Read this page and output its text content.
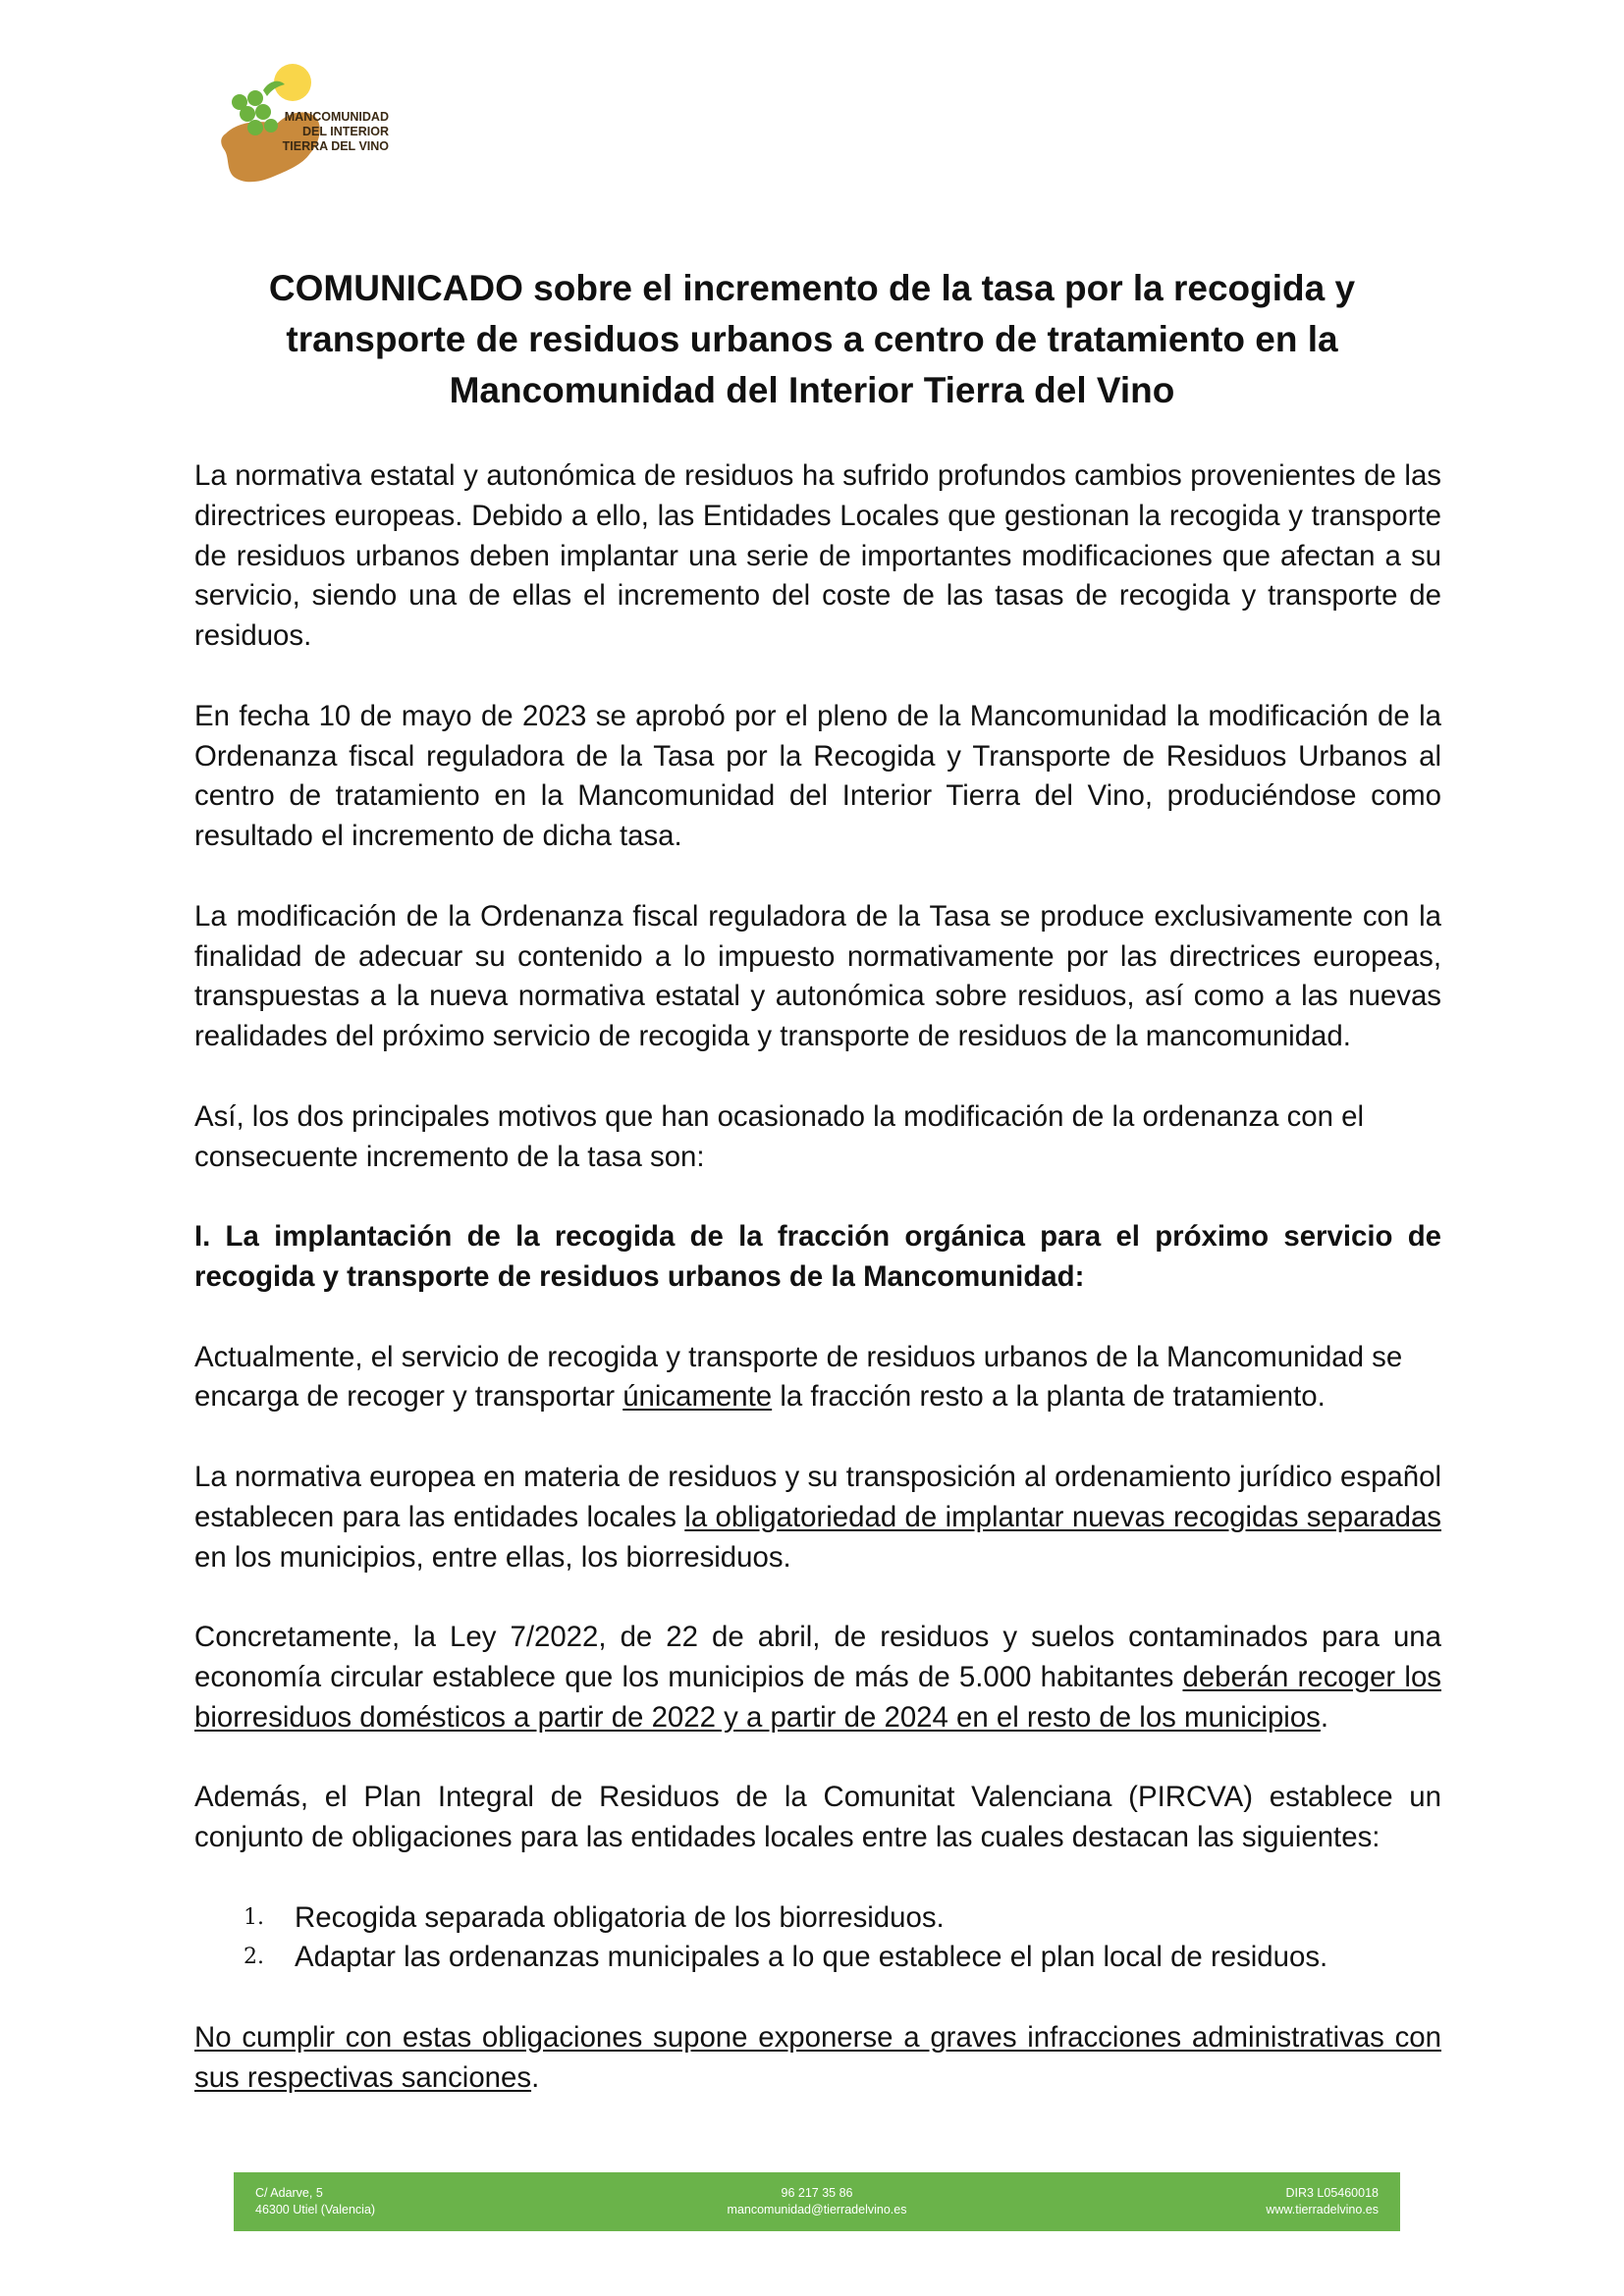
MANCOMUNIDAD
DEL INTERIOR
TIERRA DEL VINO
COMUNICADO sobre el incremento de la tasa por la recogida y
transporte de residuos urbanos a centro de tratamiento en la
Mancomunidad del Interior Tierra del Vino

La normativa estatal y autonómica de residuos ha sufrido profundos cambios provenientes de las directrices europeas. Debido a ello, las Entidades Locales que gestionan la recogida y transporte de residuos urbanos deben implantar una serie de importantes modificaciones que afectan a su servicio, siendo una de ellas el incremento del coste de las tasas de recogida y transporte de residuos.

En fecha 10 de mayo de 2023 se aprobó por el pleno de la Mancomunidad la modificación de la Ordenanza fiscal reguladora de la Tasa por la Recogida y Transporte de Residuos Urbanos al centro de tratamiento en la Mancomunidad del Interior Tierra del Vino, produciéndose como resultado el incremento de dicha tasa.

La modificación de la Ordenanza fiscal reguladora de la Tasa se produce exclusivamente con la finalidad de adecuar su contenido a lo impuesto normativamente por las directrices europeas, transpuestas a la nueva normativa estatal y autonómica sobre residuos, así como a las nuevas realidades del próximo servicio de recogida y transporte de residuos de la mancomunidad.

Así, los dos principales motivos que han ocasionado la modificación de la ordenanza con el consecuente incremento de la tasa son:

I. La implantación de la recogida de la fracción orgánica para el próximo servicio de recogida y transporte de residuos urbanos de la Mancomunidad:

Actualmente, el servicio de recogida y transporte de residuos urbanos de la Mancomunidad se encarga de recoger y transportar únicamente la fracción resto a la planta de tratamiento.

La normativa europea en materia de residuos y su transposición al ordenamiento jurídico español establecen para las entidades locales la obligatoriedad de implantar nuevas recogidas separadas en los municipios, entre ellas, los biorresiduos.

Concretamente, la Ley 7/2022, de 22 de abril, de residuos y suelos contaminados para una economía circular establece que los municipios de más de 5.000 habitantes deberán recoger los biorresiduos domésticos a partir de 2022 y a partir de 2024 en el resto de los municipios.

Además, el Plan Integral de Residuos de la Comunitat Valenciana (PIRCVA) establece un conjunto de obligaciones para las entidades locales entre las cuales destacan las siguientes:

1. Recogida separada obligatoria de los biorresiduos.
2. Adaptar las ordenanzas municipales a lo que establece el plan local de residuos.

No cumplir con estas obligaciones supone exponerse a graves infracciones administrativas con sus respectivas sanciones.

C/ Adarve, 5
46300 Utiel (Valencia)
96 217 35 86
mancomunidad@tierradelvino.es
DIR3 L05460018
www.tierradelvino.es
